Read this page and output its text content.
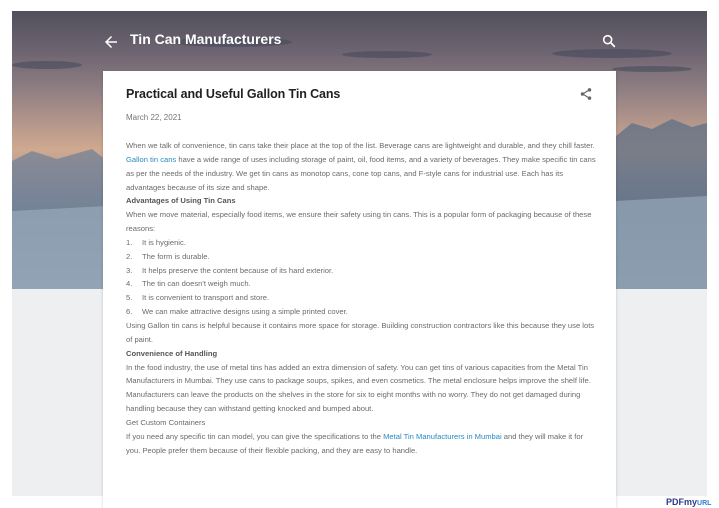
Tin Can Manufacturers
Practical and Useful Gallon Tin Cans
March 22, 2021

When we talk of convenience, tin cans take their place at the top of the list. Beverage cans are lightweight and durable, and they chill faster. Gallon tin cans have a wide range of uses including storage of paint, oil, food items, and a variety of beverages. They make specific tin cans as per the needs of the industry. We get tin cans as monotop cans, cone top cans, and F-style cans for industrial use. Each has its advantages because of its size and shape.

Advantages of Using Tin Cans

When we move material, especially food items, we ensure their safety using tin cans. This is a popular form of packaging because of these reasons:

1.	It is hygienic.
2.	The form is durable.
3.	It helps preserve the content because of its hard exterior.
4.	The tin can doesn't weigh much.
5.	It is convenient to transport and store.
6.	We can make attractive designs using a simple printed cover.

Using Gallon tin cans is helpful because it contains more space for storage. Building construction contractors like this because they use lots of paint.

Convenience of Handling

In the food industry, the use of metal tins has added an extra dimension of safety. You can get tins of various capacities from the Metal Tin Manufacturers in Mumbai. They use cans to package soups, spikes, and even cosmetics. The metal enclosure helps improve the shelf life. Manufacturers can leave the products on the shelves in the store for six to eight months with no worry. They do not get damaged during handling because they can withstand getting knocked and bumped about.

Get Custom Containers

If you need any specific tin can model, you can give the specifications to the Metal Tin Manufacturers in Mumbai and they will make it for you. People prefer them because of their flexible packing, and they are easy to handle.

PDFmyURL
